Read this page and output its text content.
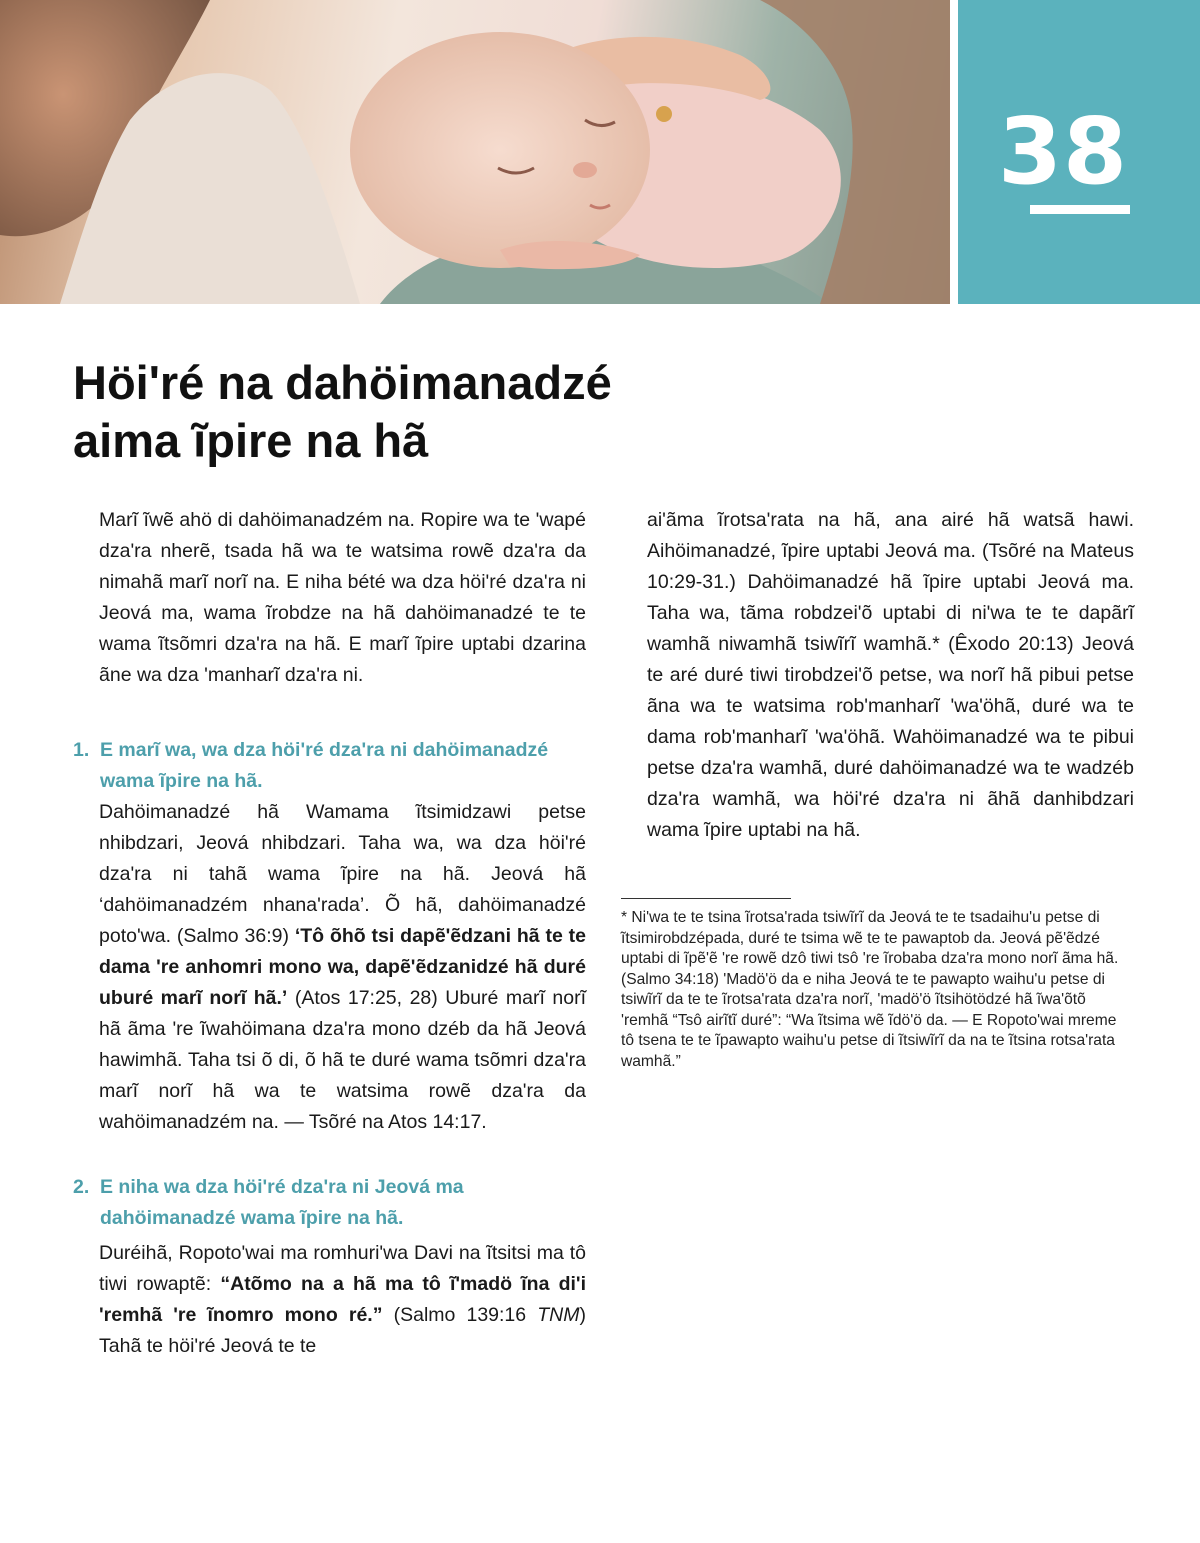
38
Höi'ré na dahöimanadzé
aima ĩpire na hã

Marĩ ĩwẽ ahö di dahöimanadzém na. Ropire wa te 'wapé dza'ra nherẽ, tsada hã wa te watsima rowẽ dza'ra da nimahã marĩ norĩ na. E niha bété wa dza höi'ré dza'ra ni Jeová ma, wama ĩrobdze na hã dahöimanadzé te te wama ĩtsõmri dza'ra na hã. E marĩ ĩpire uptabi dzarina ãne wa dza 'manharĩ dza'ra ni.

1. E marĩ wa, wa dza höi'ré dza'ra ni dahöimanadzé wama ĩpire na hã.

Dahöimanadzé hã Wamama ĩtsimidzawi petse nhibdzari, Jeová nhibdzari. Taha wa, wa dza höi'ré dza'ra ni tahã wama ĩpire na hã. Jeová hã ‘dahöimanadzém nhana'rada’. Õ hã, dahöimanadzé poto'wa. (Salmo 36:9) ‘Tô õhõ tsi dapẽ'ẽdzani hã te te dama 're anhomri mono wa, dapẽ'ẽdzanidzé hã duré uburé marĩ norĩ hã.’ (Atos 17:25, 28) Uburé marĩ norĩ hã ãma 're ĩwahöimana dza'ra mono dzéb da hã Jeová hawimhã. Taha tsi õ di, õ hã te duré wama tsõmri dza'ra marĩ norĩ hã wa te watsima rowẽ dza'ra da wahöimanadzém na. — Tsõré na Atos 14:17.

2. E niha wa dza höi'ré dza'ra ni Jeová ma dahöimanadzé wama ĩpire na hã.

Duréihã, Ropoto'wai ma romhuri'wa Davi na ĩtsitsi ma tô tiwi rowaptẽ: “Atõmo na a hã ma tô ĩ'madö ĩna di'i 'remhã 're ĩnomro mono ré.” (Salmo 139:16 TNM) Tahã te höi'ré Jeová te te

ai'ãma ĩrotsa'rata na hã, ana airé hã watsã hawi. Aihöimanadzé, ĩpire uptabi Jeová ma. (Tsõré na Mateus 10:29-31.) Dahöimanadzé hã ĩpire uptabi Jeová ma. Taha wa, tãma robdzei'õ uptabi di ni'wa te te dapãrĩ wamhã niwamhã tsiwĩrĩ wamhã.* (Êxodo 20:13) Jeová te aré duré tiwi tirobdzei'õ petse, wa norĩ hã pibui petse ãna wa te watsima rob'manharĩ 'wa'öhã, duré wa te dama rob'manharĩ 'wa'öhã. Wahöimanadzé wa te pibui petse dza'ra wamhã, duré dahöimanadzé wa te wadzéb dza'ra wamhã, wa höi'ré dza'ra ni ãhã danhibdzari wama ĩpire uptabi na hã.

* Ni'wa te te tsina ĩrotsa'rada tsiwĩrĩ da Jeová te te tsadaihu'u petse di ĩtsimirobdzépada, duré te tsima wẽ te te pawaptob da. Jeová pẽ'ẽdzé uptabi di ĩpẽ'ẽ 're rowẽ dzô tiwi tsô 're ĩrobaba dza'ra mono norĩ ãma hã. (Salmo 34:18) 'Madö'ö da e niha Jeová te te pawapto waihu'u petse di tsiwĩrĩ da te te ĩrotsa'rata dza'ra norĩ, 'madö'ö ĩtsihötödzé hã ĩwa'õtõ 'remhã “Tsô airĩtĩ duré”: “Wa ĩtsima wẽ ĩdö'ö da. — E Ropoto'wai mreme tô tsena te te ĩpawapto waihu'u petse di ĩtsiwĩrĩ da na te ĩtsina rotsa'rata wamhã.”
